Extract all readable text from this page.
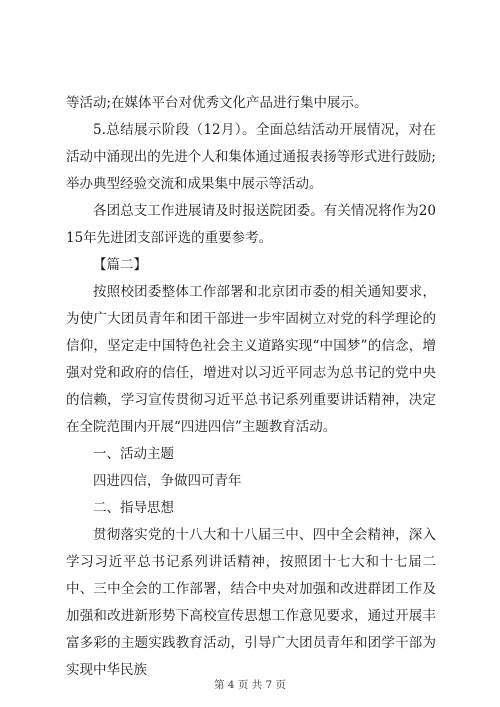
等活动;在媒体平台对优秀文化产品进行集中展示。

5.总结展示阶段（12月）。全面总结活动开展情况，对在活动中涌现出的先进个人和集体通过通报表扬等形式进行鼓励;举办典型经验交流和成果集中展示等活动。

各团总支工作进展请及时报送院团委。有关情况将作为2015年先进团支部评选的重要参考。

【篇二】

按照校团委整体工作部署和北京团市委的相关通知要求，为使广大团员青年和团干部进一步牢固树立对党的科学理论的信仰，坚定走中国特色社会主义道路实现“中国梦”的信念，增强对党和政府的信任，增进对以习近平同志为总书记的党中央的信赖，学习宣传贯彻习近平总书记系列重要讲话精神，决定在全院范围内开展“四进四信”主题教育活动。

一、活动主题

四进四信，争做四可青年

二、指导思想

贯彻落实党的十八大和十八届三中、四中全会精神，深入学习习近平总书记系列讲话精神，按照团十七大和十七届二中、三中全会的工作部署，结合中央对加强和改进群团工作及加强和改进新形势下高校宣传思想工作意见要求，通过开展丰富多彩的主题实践教育活动，引导广大团员青年和团学干部为实现中华民族

第 4 页 共 7 页
